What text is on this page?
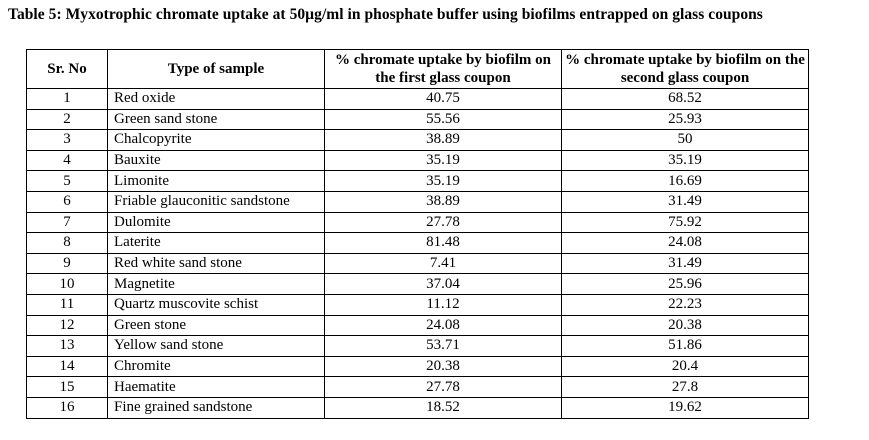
Table 5: Myxotrophic chromate uptake at 50µg/ml in phosphate buffer using biofilms entrapped on glass coupons
Sr. No	Type of sample	% chromate uptake by biofilm on the first glass coupon	% chromate uptake by biofilm on the second glass coupon
1	Red oxide	40.75	68.52
2	Green sand stone	55.56	25.93
3	Chalcopyrite	38.89	50
4	Bauxite	35.19	35.19
5	Limonite	35.19	16.69
6	Friable glauconitic sandstone	38.89	31.49
7	Dulomite	27.78	75.92
8	Laterite	81.48	24.08
9	Red white sand stone	7.41	31.49
10	Magnetite	37.04	25.96
11	Quartz muscovite schist	11.12	22.23
12	Green stone	24.08	20.38
13	Yellow sand stone	53.71	51.86
14	Chromite	20.38	20.4
15	Haematite	27.78	27.8
16	Fine grained sandstone	18.52	19.62
